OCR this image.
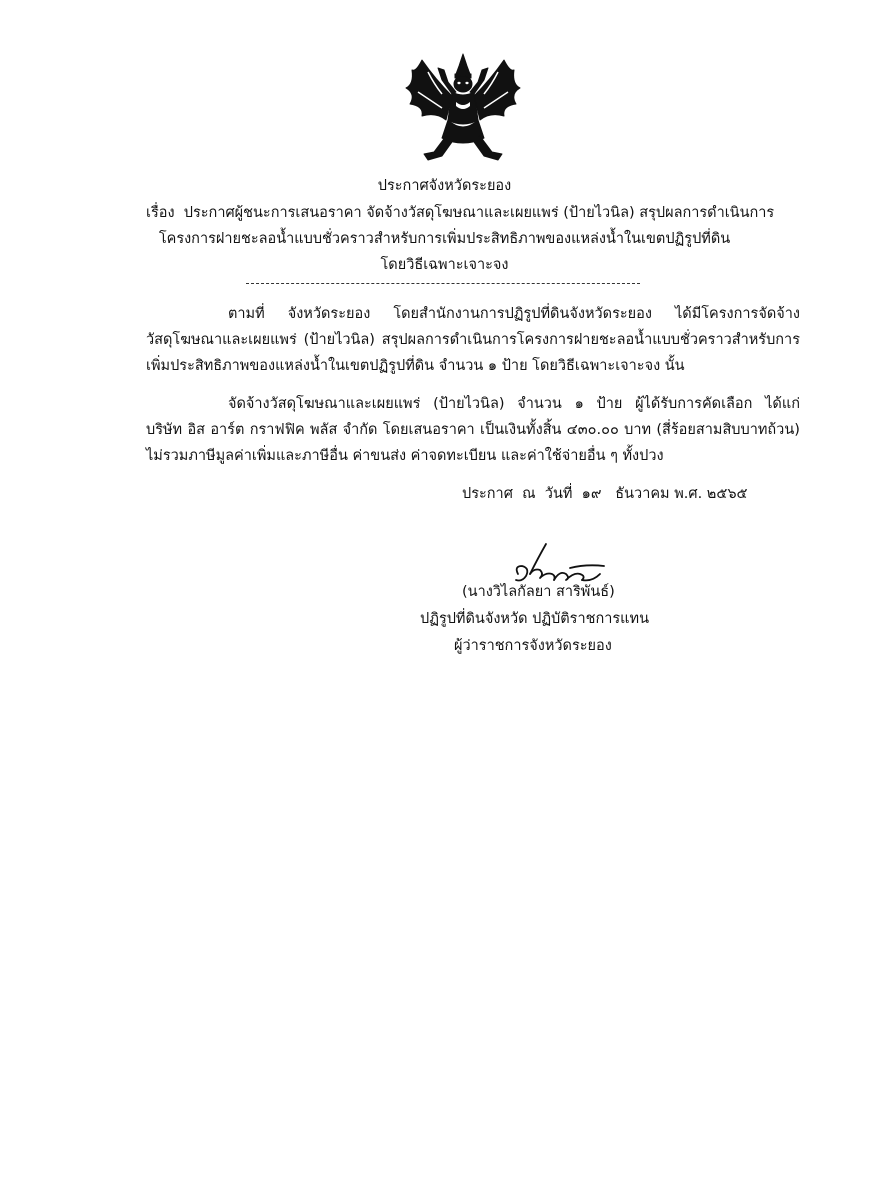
ประกาศจังหวัดระยอง
เรื่อง ประกาศผู้ชนะการเสนอราคา จัดจ้างวัสดุโฆษณาและเผยแพร่ (ป้ายไวนิล) สรุปผลการดำเนินการ
โครงการฝายชะลอน้ำแบบชั่วคราวสำหรับการเพิ่มประสิทธิภาพของแหล่งน้ำในเขตปฏิรูปที่ดิน
โดยวิธีเฉพาะเจาะจง
ตามที่ จังหวัดระยอง โดยสำนักงานการปฏิรูปที่ดินจังหวัดระยอง ได้มีโครงการจัดจ้าง
วัสดุโฆษณาและเผยแพร่ (ป้ายไวนิล) สรุปผลการดำเนินการโครงการฝายชะลอน้ำแบบชั่วคราวสำหรับการ
เพิ่มประสิทธิภาพของแหล่งน้ำในเขตปฏิรูปที่ดิน จำนวน ๑ ป้าย โดยวิธีเฉพาะเจาะจง นั้น
จัดจ้างวัสดุโฆษณาและเผยแพร่ (ป้ายไวนิล) จำนวน ๑ ป้าย ผู้ได้รับการคัดเลือก ได้แก่
บริษัท อิส อาร์ต กราฟฟิค พลัส จำกัด โดยเสนอราคา เป็นเงินทั้งสิ้น ๔๓๐.๐๐ บาท (สี่ร้อยสามสิบบาทถ้วน)
ไม่รวมภาษีมูลค่าเพิ่มและภาษีอื่น ค่าขนส่ง ค่าจดทะเบียน และค่าใช้จ่ายอื่น ๆ ทั้งปวง
ประกาศ ณ วันที่ ๑๙ ธันวาคม พ.ศ. ๒๕๖๕
(นางวิไลกัลยา สาริพันธ์)
ปฏิรูปที่ดินจังหวัด ปฏิบัติราชการแทน
ผู้ว่าราชการจังหวัดระยอง
